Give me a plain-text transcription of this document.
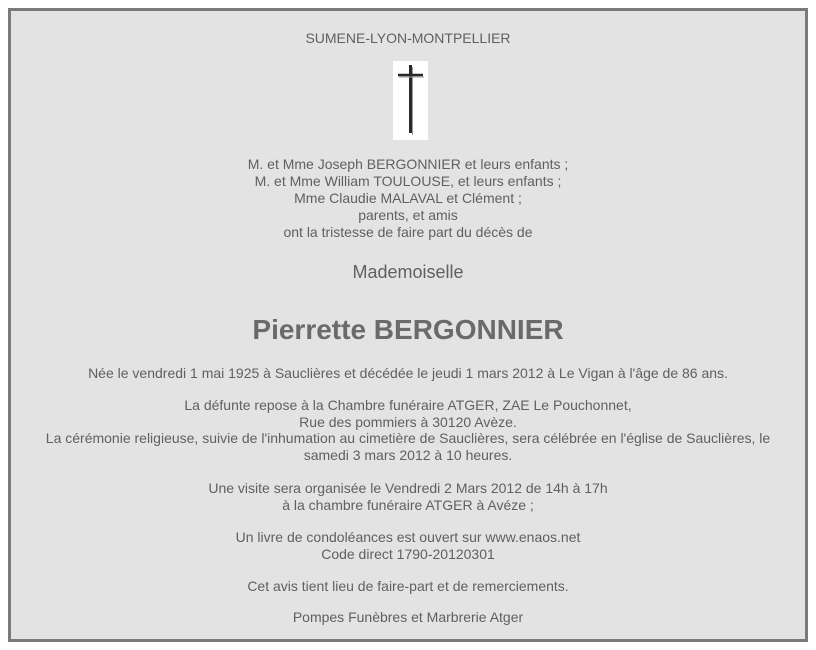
SUMENE-LYON-MONTPELLIER
M. et Mme Joseph BERGONNIER et leurs enfants ;
M. et Mme William TOULOUSE, et leurs enfants ;
Mme Claudie MALAVAL et Clément ;
parents, et amis
ont la tristesse de faire part du décès de
Mademoiselle
Pierrette BERGONNIER
Née le vendredi 1 mai 1925 à Sauclières et décédée le jeudi 1 mars 2012 à Le Vigan à l'âge de 86 ans.
La défunte repose à la Chambre funéraire ATGER, ZAE Le Pouchonnet,
Rue des pommiers à 30120 Avèze.
La cérémonie religieuse, suivie de l'inhumation au cimetière de Sauclières, sera célébrée en l'église de Sauclières, le samedi 3 mars 2012 à 10 heures.
Une visite sera organisée le Vendredi 2 Mars 2012 de 14h à 17h
à la chambre funéraire ATGER à Avéze ;
Un livre de condoléances est ouvert sur www.enaos.net
Code direct 1790-20120301
Cet avis tient lieu de faire-part et de remerciements.
Pompes Funèbres et Marbrerie Atger
